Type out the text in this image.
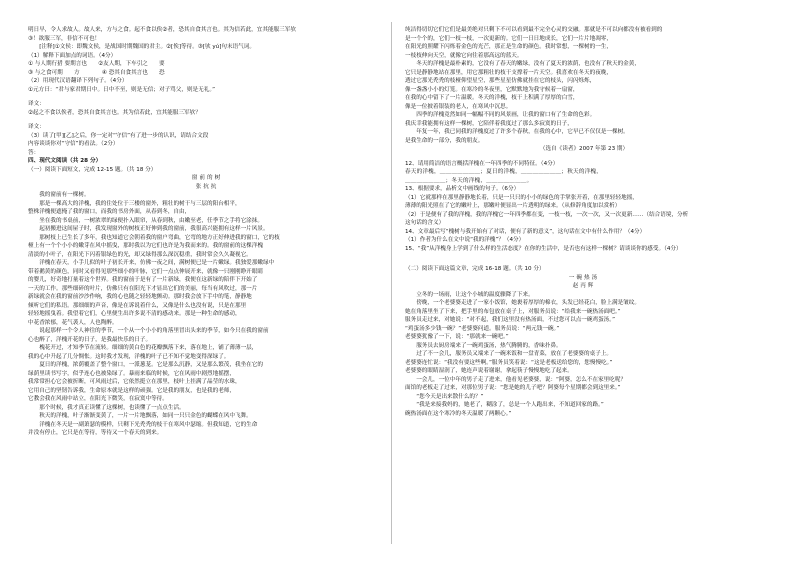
明日早，令人求故人。故人来，方与之食。起不食以俟②者，恐其自食其言也。其为信若此，宜其能服三军欤

③！欲服三军，非信不可也！

[注释]①文侯：即魏文侯，是战国时期魏国的君主。②[俟]等待。③[欤 yú]句末语气词。

（1）解释下面加点的词语。（4分）

① 与人期行猎 要期言也　　②友人期，下车引之　　要

③ 与之食可期　　方　　　　④ 恐其自食其言也　　恐

（2）用现代汉语翻译下列句子。（4分）

①元方曰：“君与家君期日中。日中不至，则是无信；对子骂父，则是无礼。”

译文：

②起之不食以俟者，恐其自食其言也。其为信若此，宜其能服三军欤？

译文：

（3）读了[甲][乙]之后，你一定对“守信”有了进一步的认识，请结合文段

内容谈谈你对“守信”的看法。（2分）

答：

四、现代文阅读（共 28 分）

（一）阅读下面短文，完成 12-15 题。（共 18 分）

窗前的树

张抗抗

我的窗前有一棵树。

那是一棵高大的洋槐，我的住处位于三楼的窗外，粗壮的树干与三层的阳台相平，

整株洋槐便遮掩了我的窗口，而我的书房外面，从春到冬，自由，

坐在我的书桌前，一树浓翠的绿便扑入眼帘，从春到秋，由嫩至老，任季节之手将它涂抹。

起初搬进这间屋子时，我发现窗外的树枝正好伸到我的窗前，我很高兴能拥有这样一片风景。

那树枝上已生长了多年，我也知道它会朝着我的窗户弯曲，它弯的地方正好伸进我的窗口，它的枝

桠上有一个个小小的嫩芽在风中摇曳，那时我以为它们也许是为我而来的。我的窗前的这棵洋槐

清淡的小叶子，在阳光下闪着银绿色的光，却又绿得那么深沉稳重，我时常会久久凝视它。

洋槐在春天，小手儿似的叶子初长开来，仿佛一夜之间，满树便已是一片嫩绿。我独爱那嫩绿中

带着鹅黄的颜色，同时又看得见那些细小的叶脉，它们一点点伸展开来，就像一只刚刚睁开眼睛

的婴儿，好奇地打量着这个世界。我的窗前于是有了一片新绿，我便在这新绿的陪伴下开始了

一天的工作。那些细碎的叶片，仿佛只有在阳光下才显出它们的美丽，每当有风吹过，那一片

新绿就会在我的窗前沙沙作响，我的心也随之轻轻地颤动。那时我会放下手中的笔，静静地

倾听它们的私语。那细细的声音，像是在诉说着什么，又像是什么也没有说，只是在那里

轻轻地摇曳着。我望着它们，心里便生出许多说不清的感动来。那是一种生命的感动，

中花香浓郁，花气袭人，人也陶醉。

说起那样一个令人神往的季节，一个从一个小小的角落里冒出头来的季节，如今只在我的窗前

心也醉了，洋槐开花的日子，是我最快乐的日子。

槐花开过，才知季节在流转。细细的黄白色的花瓣飘落下来，落在地上，铺了薄薄一层，

我的心中升起了几分惆怅。这时我才发现，洋槐的叶子已不知不觉地变得深绿了。

夏日的洋槐，浓荫覆盖了整个窗口，一派葱茏。它是那么沉静，又是那么繁茂，我坐在它的

绿荫里读书写字，似乎连心也被染绿了。暴雨来临的时候，它在风雨中剧烈地摇摆，

我常常担心它会被折断，可风雨过后，它依然挺立在那里，枝叶上挂满了晶莹的水珠，

它用自己的坚韧告诉我，生命原本就是这样的顽强。它是我的朋友，也是我的老师，

它教会我在风雨中站立，在阳光下微笑，在寂寞中等待。

那个时候，我才真正读懂了这棵树，也读懂了一点点生活。

秋天的洋槐，叶子渐渐变黄了，一片一片地飘落，如同一只只金色的蝴蝶在风中飞舞。

洋槐在冬天是一副萧瑟的模样，只剩下光秃秃的枝干在寒风中瑟缩。但我知道，它的生命

并没有停止，它只是在等待，等待又一个春天的到来。

纯洁得切切它们它们是最美绝对只剩下不可以看到最不完全心灵的交融。那就是不可以向都没有被看到的

是一个个的，它们一枝一枝，一次更新的。它们一日日地成长，它们一片片地凋零，

在阳光的照耀下闪烁着金色的光芒，那正是生命的颜色。我时常想，一棵树的一生，

一枝枝伸向天空，就像它向往着那高远的蓝天。

冬天的洋槐是最朴素的，它没有了春天的嫩绿，没有了夏天的浓荫，也没有了秋天的金黄，

它只是静静地站在那里，用它那粗壮的枝干支撑着一片天空。我喜欢在冬天的夜晚，

透过它那光秃秃的枝桠仰望星空，那些星星仿佛就挂在它的枝头，闪闪烁烁，

像一盏盏小小的灯笼。在寒冷的冬夜里，它默默地为我守候着一扇窗，

在我的心中留下了一片温暖。冬天的洋槐，枝干上积满了厚厚的白雪，

像是一位披着银装的老人，在寒风中沉思。

四季的洋槐竟然如同一幅幅不同的风景画，让我的窗口有了生命的色彩。

我庆幸我能拥有这样一棵树，它陪伴着我度过了那么多寂寞的日子，

年复一年，我已同我的洋槐度过了许多个春秋，在我的心中，它早已不仅仅是一棵树。

是我生命的一部分，我的朋友。

（选自《读者》2007 年第 23 期）

12、请用简洁的语言概括洋槐在一年四季的不同特征。（4分）

春天的洋槐，＿＿＿＿＿＿＿；夏日的洋槐，＿＿＿＿＿＿＿；秋天的洋槐，

＿＿＿＿＿＿＿；冬天的洋槐，＿＿＿＿＿＿＿。

13、根据要求，品析文中画线的句子。（6分）

（1）它就那样在那里静静地长着，只是一只只的小小的绿色的手掌张开着，在那里轻轻地摇，

薄薄的阳光照在了它的嫩叶上，那嫩叶便显出一片透明的绿来。（从修辞角度加以赏析）

（2）于是便有了我的洋槐，我的洋槐它一年四季都在变，一枝一枝，一次一次，又一次更新……（结合语境，分析

这句话的含义）

14、文章最后写“槐树与我开始有了对话，便有了新的意义”，这句话在文中有什么作用？（4分）

（1）作者为什么在文中说“我的洋槐”？（4分）

15、“我”从洋槐身上学到了什么样的生活态度？在你的生活中，是否也有这样一棵树？请谈谈你的感受。（4分）

（二）阅读下面这篇文章，完成 16-18 题。（共 10 分）

一碗热汤

赵丙辉

立冬的一场雨，让这个小城的温度骤降了下来。

傍晚，一个老婆婆走进了一家小饭馆，她裹着厚厚的棉衣，头发已经花白，脸上满是皱纹。

她在角落里坐了下来，把手里的布包放在桌子上，对服务员说：“给我来一碗热汤面吧。”

服务员走过来，对她说：“对不起，我们这里没有热汤面，不过您可以点一碗鸡蛋汤。”

“鸡蛋汤多少钱一碗？”老婆婆问道。服务员说：“两元钱一碗。”

老婆婆犹豫了一下，说：“那就来一碗吧。”

服务员去厨房端来了一碗鸡蛋汤，热气腾腾的，香味扑鼻。

过了不一会儿，服务员又端来了一碗米饭和一盘青菜，放在了老婆婆的桌子上。

老婆婆连忙说：“我没有要这些啊。”服务员笑着说：“这是老板送给您的，您慢慢吃。”

老婆婆的眼睛湿润了，她连声说着谢谢，拿起筷子慢慢地吃了起来。

一会儿，一位中年的男子走了进来，他看见老婆婆，说：“阿婆，怎么不在家里吃呢？

面馆的老板走了过来，对那位男子说：“您是她的儿子吧？阿婆每个星期都会到这里来。”

“您今天是出来散什么的？”

“我是来接我妈的，她老了，糊涂了，总是一个人跑出来，不知道回家的路。”

碗热汤面在这个寒冷的冬天温暖了两颗心。”
